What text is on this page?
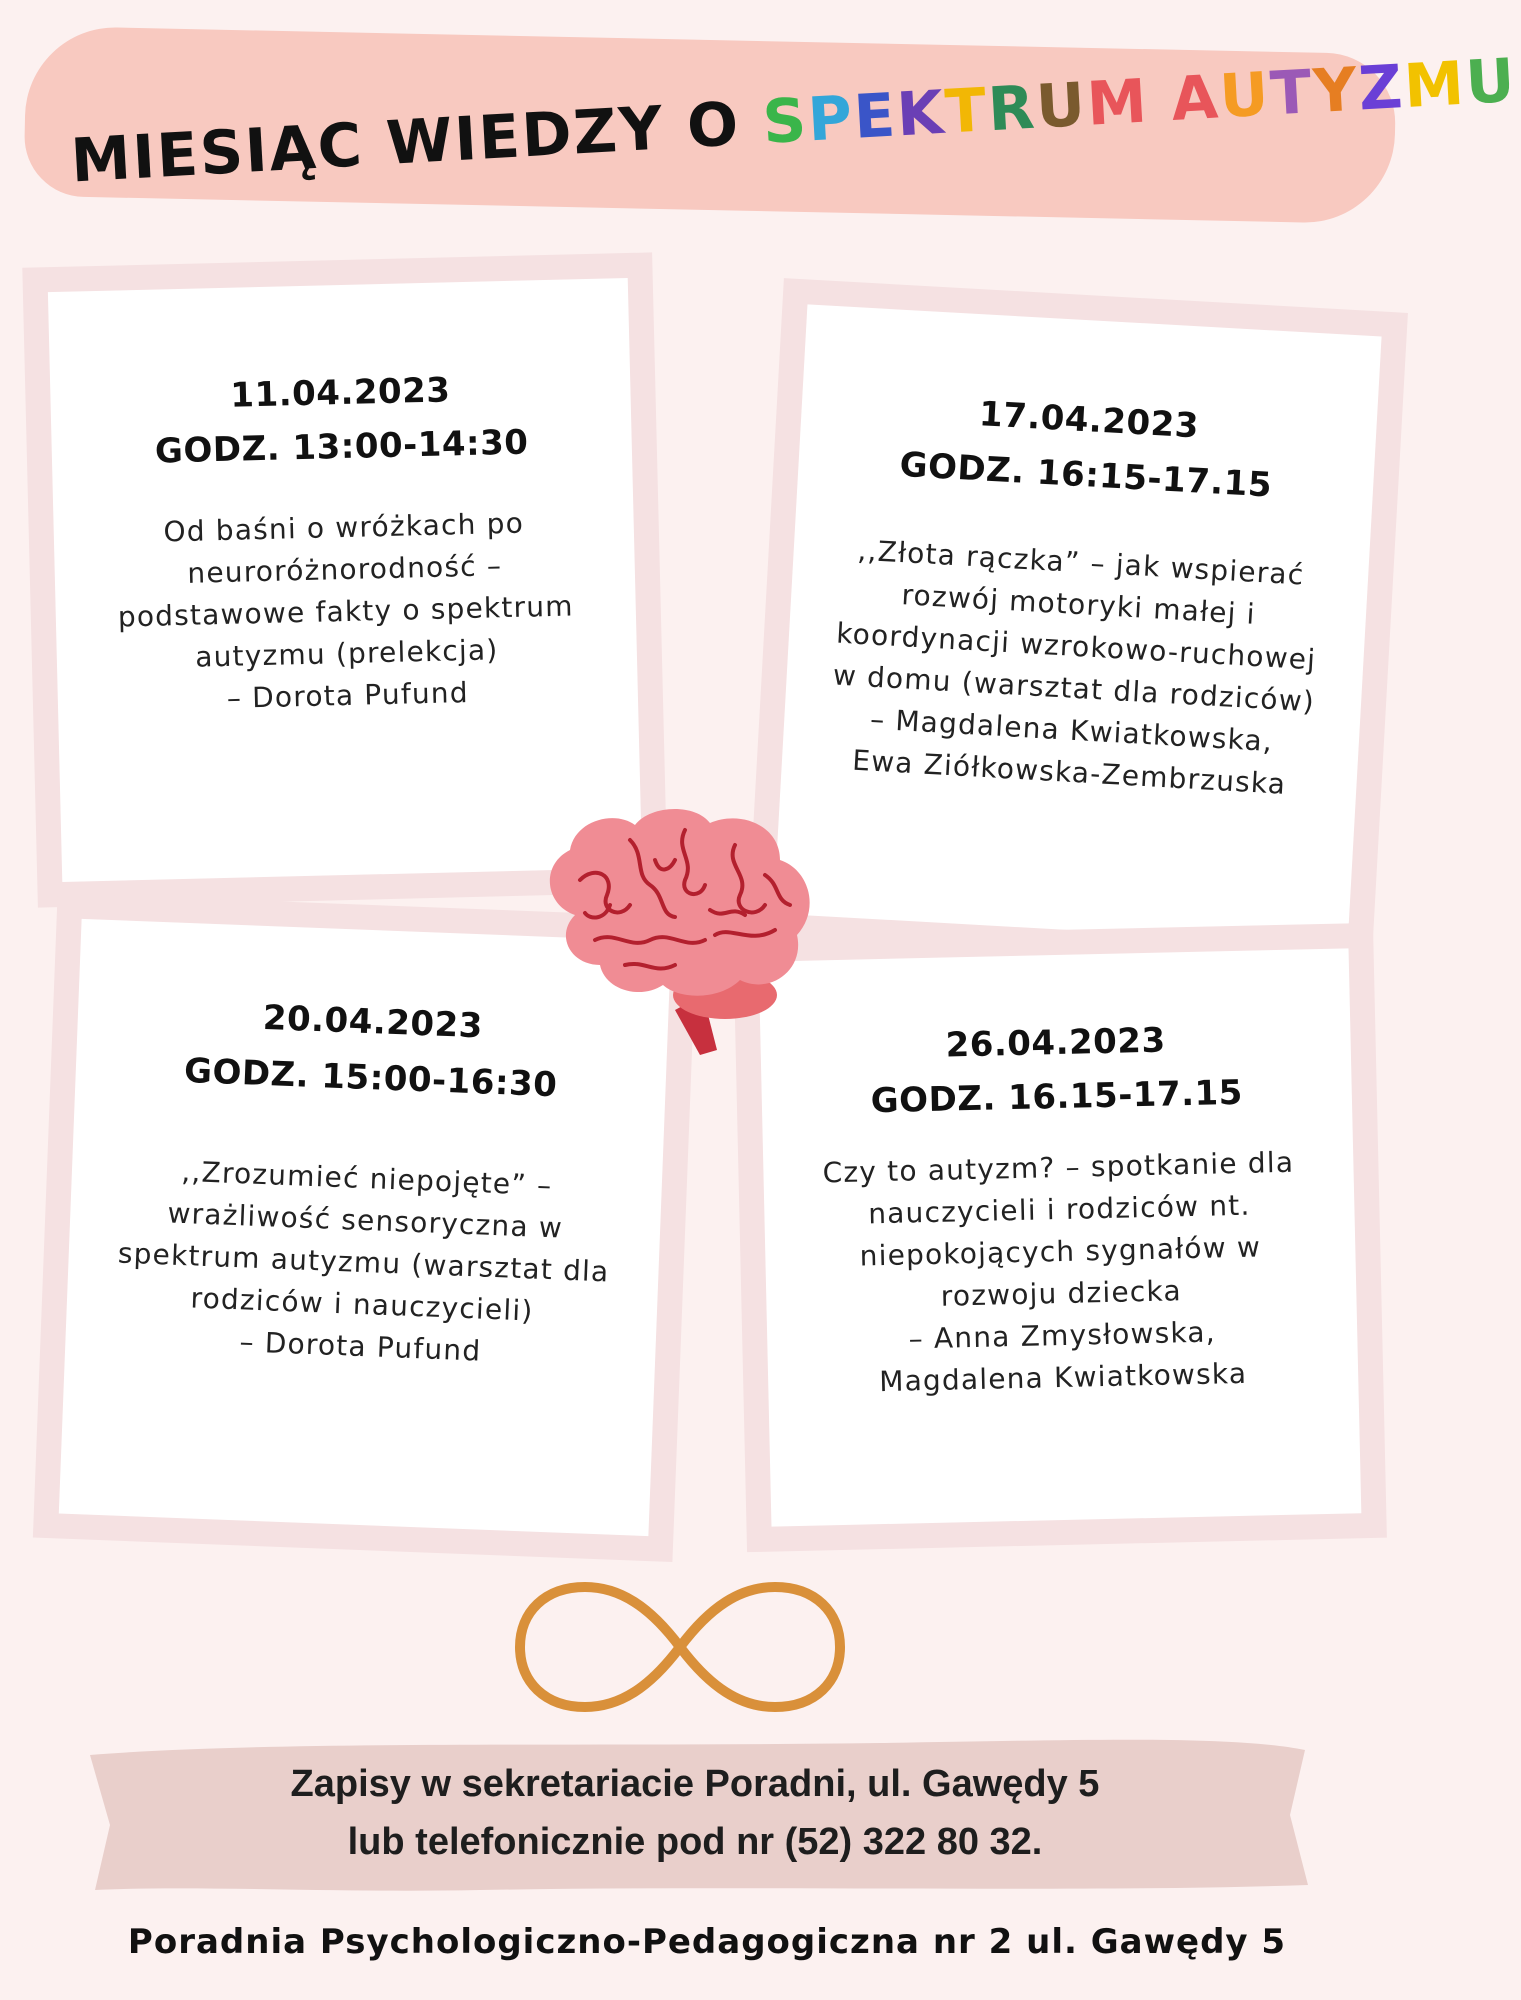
MIESIĄC WIEDZY O SPEKTRUM AUTYZMU
11.04.2023
GODZ. 13:00-14:30
Od baśni o wróżkach po
neuroróżnorodność –
podstawowe fakty o spektrum
autyzmu (prelekcja)
– Dorota Pufund
17.04.2023
GODZ. 16:15-17.15
,,Złota rączka” – jak wspierać
rozwój motoryki małej i
koordynacji wzrokowo-ruchowej
w domu (warsztat dla rodziców)
– Magdalena Kwiatkowska,
Ewa Ziółkowska-Zembrzuska
20.04.2023
GODZ. 15:00-16:30
,,Zrozumieć niepojęte” –
wrażliwość sensoryczna w
spektrum autyzmu (warsztat dla
rodziców i nauczycieli)
– Dorota Pufund
26.04.2023
GODZ. 16.15-17.15
Czy to autyzm? – spotkanie dla
nauczycieli i rodziców nt.
niepokojących sygnałów w
rozwoju dziecka
– Anna Zmysłowska,
Magdalena Kwiatkowska
Zapisy w sekretariacie Poradni, ul. Gawędy 5
lub telefonicznie pod nr (52) 322 80 32.
Poradnia Psychologiczno-Pedagogiczna nr 2 ul. Gawędy 5
